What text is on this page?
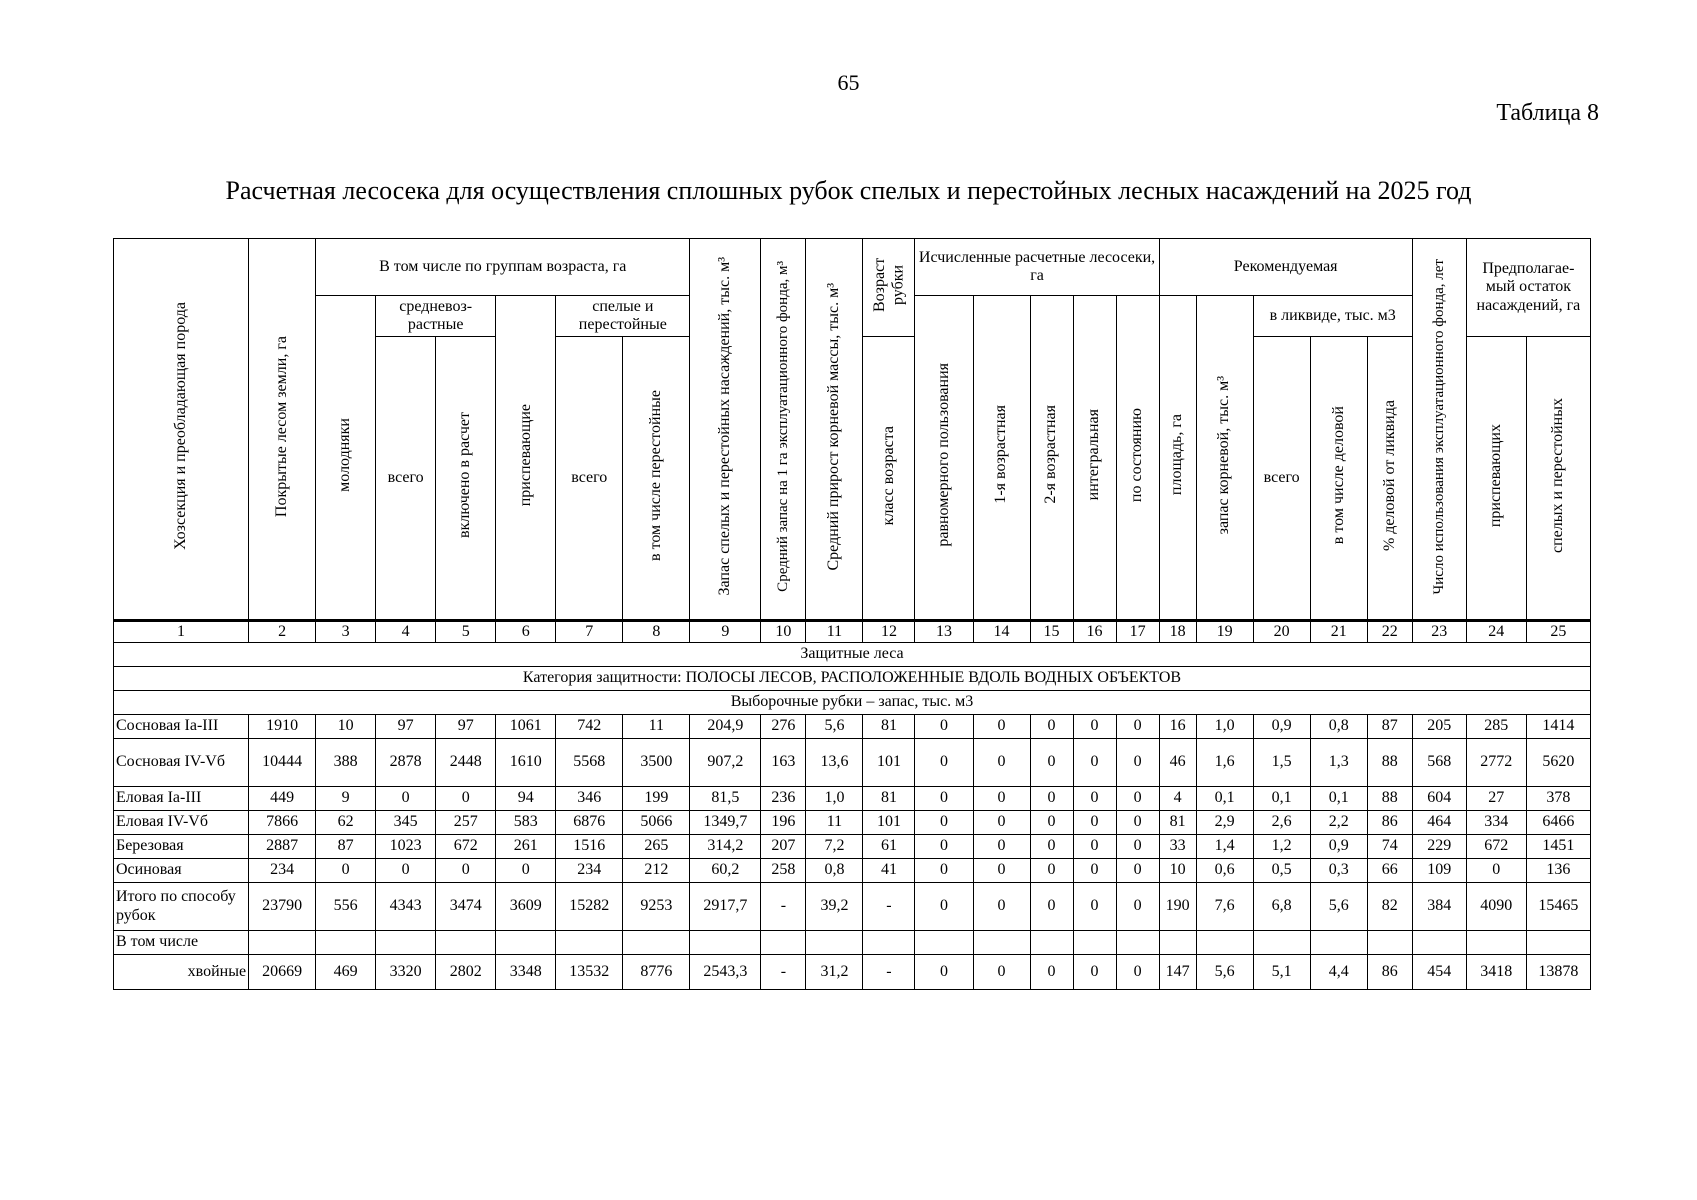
65
Таблица 8
Расчетная лесосека для осуществления сплошных рубок спелых и перестойных лесных насаждений на 2025 год
Хозсекция и преобладающая порода	Покрытые лесом земли, га	В том числе по группам возраста, га						Запас спелых и перестойных насаждений, тыс. м³	Средний запас на 1 га эксплуатационного фонда, м³	Средний прирост корневой массы, тыс. м³	Возраст рубки	Исчисленные расчетные лесосеки, га					Рекомендуемая					Число использования эксплуатационного фонда, лет	Предполагае-мый остаток насаждений, га	
		молодняки	средневоз-растные		приспевающие	спелые и перестойные						равномерного пользования	1-я возрастная	2-я возрастная	интегральная	по состоянию	площадь, га	запас корневой, тыс. м³	в ликвиде, тыс. м3					
			всего	включено в расчет		всего	в том числе перестойные				класс возраста								всего	в том числе деловой	% деловой от ликвида		приспевающих	спелых и перестойных
1	2	3	4	5	6	7	8	9	10	11	12	13	14	15	16	17	18	19	20	21	22	23	24	25
Защитные леса																								
Категория защитности: ПОЛОСЫ ЛЕСОВ, РАСПОЛОЖЕННЫЕ ВДОЛЬ ВОДНЫХ ОБЪЕКТОВ																								
Выборочные рубки – запас, тыс. м3																								
Сосновая Iа-III	1910	10	97	97	1061	742	11	204,9	276	5,6	81	0	0	0	0	0	16	1,0	0,9	0,8	87	205	285	1414
Сосновая IV-Vб	10444	388	2878	2448	1610	5568	3500	907,2	163	13,6	101	0	0	0	0	0	46	1,6	1,5	1,3	88	568	2772	5620
Еловая Iа-III	449	9	0	0	94	346	199	81,5	236	1,0	81	0	0	0	0	0	4	0,1	0,1	0,1	88	604	27	378
Еловая IV-Vб	7866	62	345	257	583	6876	5066	1349,7	196	11	101	0	0	0	0	0	81	2,9	2,6	2,2	86	464	334	6466
Березовая	2887	87	1023	672	261	1516	265	314,2	207	7,2	61	0	0	0	0	0	33	1,4	1,2	0,9	74	229	672	1451
Осиновая	234	0	0	0	0	234	212	60,2	258	0,8	41	0	0	0	0	0	10	0,6	0,5	0,3	66	109	0	136
Итого по способу рубок	23790	556	4343	3474	3609	15282	9253	2917,7	-	39,2	-	0	0	0	0	0	190	7,6	6,8	5,6	82	384	4090	15465
В том числе																								
хвойные	20669	469	3320	2802	3348	13532	8776	2543,3	-	31,2	-	0	0	0	0	0	147	5,6	5,1	4,4	86	454	3418	13878
